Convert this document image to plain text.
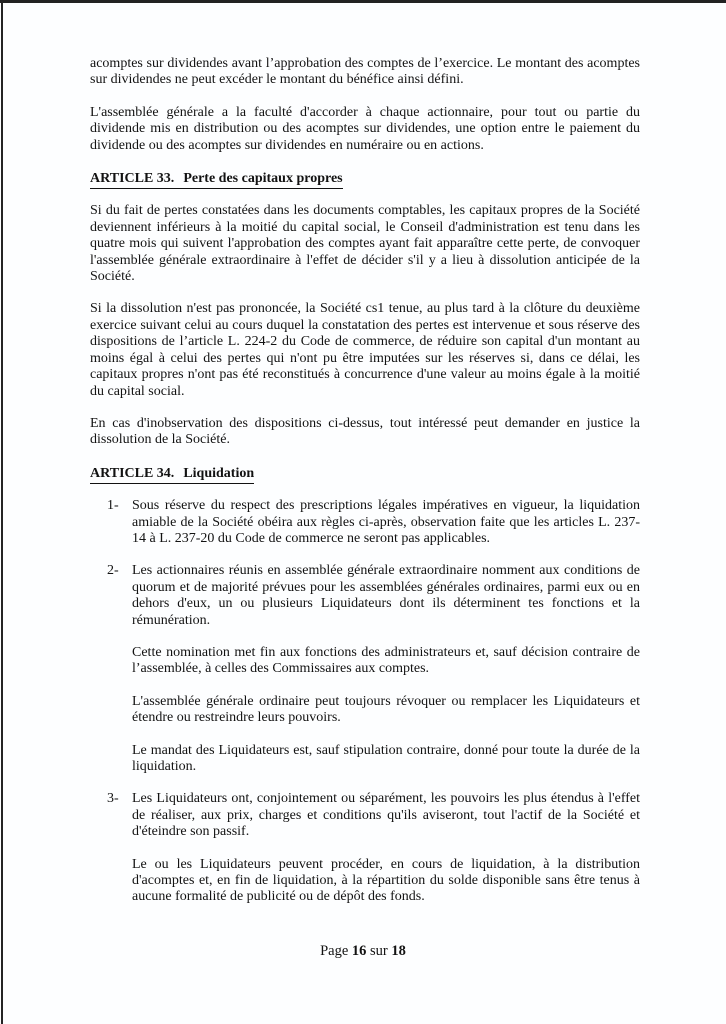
acomptes sur dividendes avant l’approbation des comptes de l’exercice. Le montant des acomptes sur dividendes ne peut excéder le montant du bénéfice ainsi défini.

L'assemblée générale a la faculté d'accorder à chaque actionnaire, pour tout ou partie du dividende mis en distribution ou des acomptes sur dividendes, une option entre le paiement du dividende ou des acomptes sur dividendes en numéraire ou en actions.

ARTICLE 33. Perte des capitaux propres

Si du fait de pertes constatées dans les documents comptables, les capitaux propres de la Société deviennent inférieurs à la moitié du capital social, le Conseil d'administration est tenu dans les quatre mois qui suivent l'approbation des comptes ayant fait apparaître cette perte, de convoquer l'assemblée générale extraordinaire à l'effet de décider s'il y a lieu à dissolution anticipée de la Société.

Si la dissolution n'est pas prononcée, la Société cs1 tenue, au plus tard à la clôture du deuxième exercice suivant celui au cours duquel la constatation des pertes est intervenue et sous réserve des dispositions de l’article L. 224-2 du Code de commerce, de réduire son capital d'un montant au moins égal à celui des pertes qui n'ont pu être imputées sur les réserves si, dans ce délai, les capitaux propres n'ont pas été reconstitués à concurrence d'une valeur au moins égale à la moitié du capital social.

En cas d'inobservation des dispositions ci-dessus, tout intéressé peut demander en justice la dissolution de la Société.

ARTICLE 34. Liquidation
1- Sous réserve du respect des prescriptions légales impératives en vigueur, la liquidation amiable de la Société obéira aux règles ci-après, observation faite que les articles L. 237-14 à L. 237-20 du Code de commerce ne seront pas applicables.

2- Les actionnaires réunis en assemblée générale extraordinaire nomment aux conditions de quorum et de majorité prévues pour les assemblées générales ordinaires, parmi eux ou en dehors d'eux, un ou plusieurs Liquidateurs dont ils déterminent tes fonctions et la rémunération.

Cette nomination met fin aux fonctions des administrateurs et, sauf décision contraire de l’assemblée, à celles des Commissaires aux comptes.

L'assemblée générale ordinaire peut toujours révoquer ou remplacer les Liquidateurs et étendre ou restreindre leurs pouvoirs.

Le mandat des Liquidateurs est, sauf stipulation contraire, donné pour toute la durée de la liquidation.

3- Les Liquidateurs ont, conjointement ou séparément, les pouvoirs les plus étendus à l'effet de réaliser, aux prix, charges et conditions qu'ils aviseront, tout l'actif de la Société et d'éteindre son passif.

Le ou les Liquidateurs peuvent procéder, en cours de liquidation, à la distribution d'acomptes et, en fin de liquidation, à la répartition du solde disponible sans être tenus à aucune formalité de publicité ou de dépôt des fonds.

Page 16 sur 18
